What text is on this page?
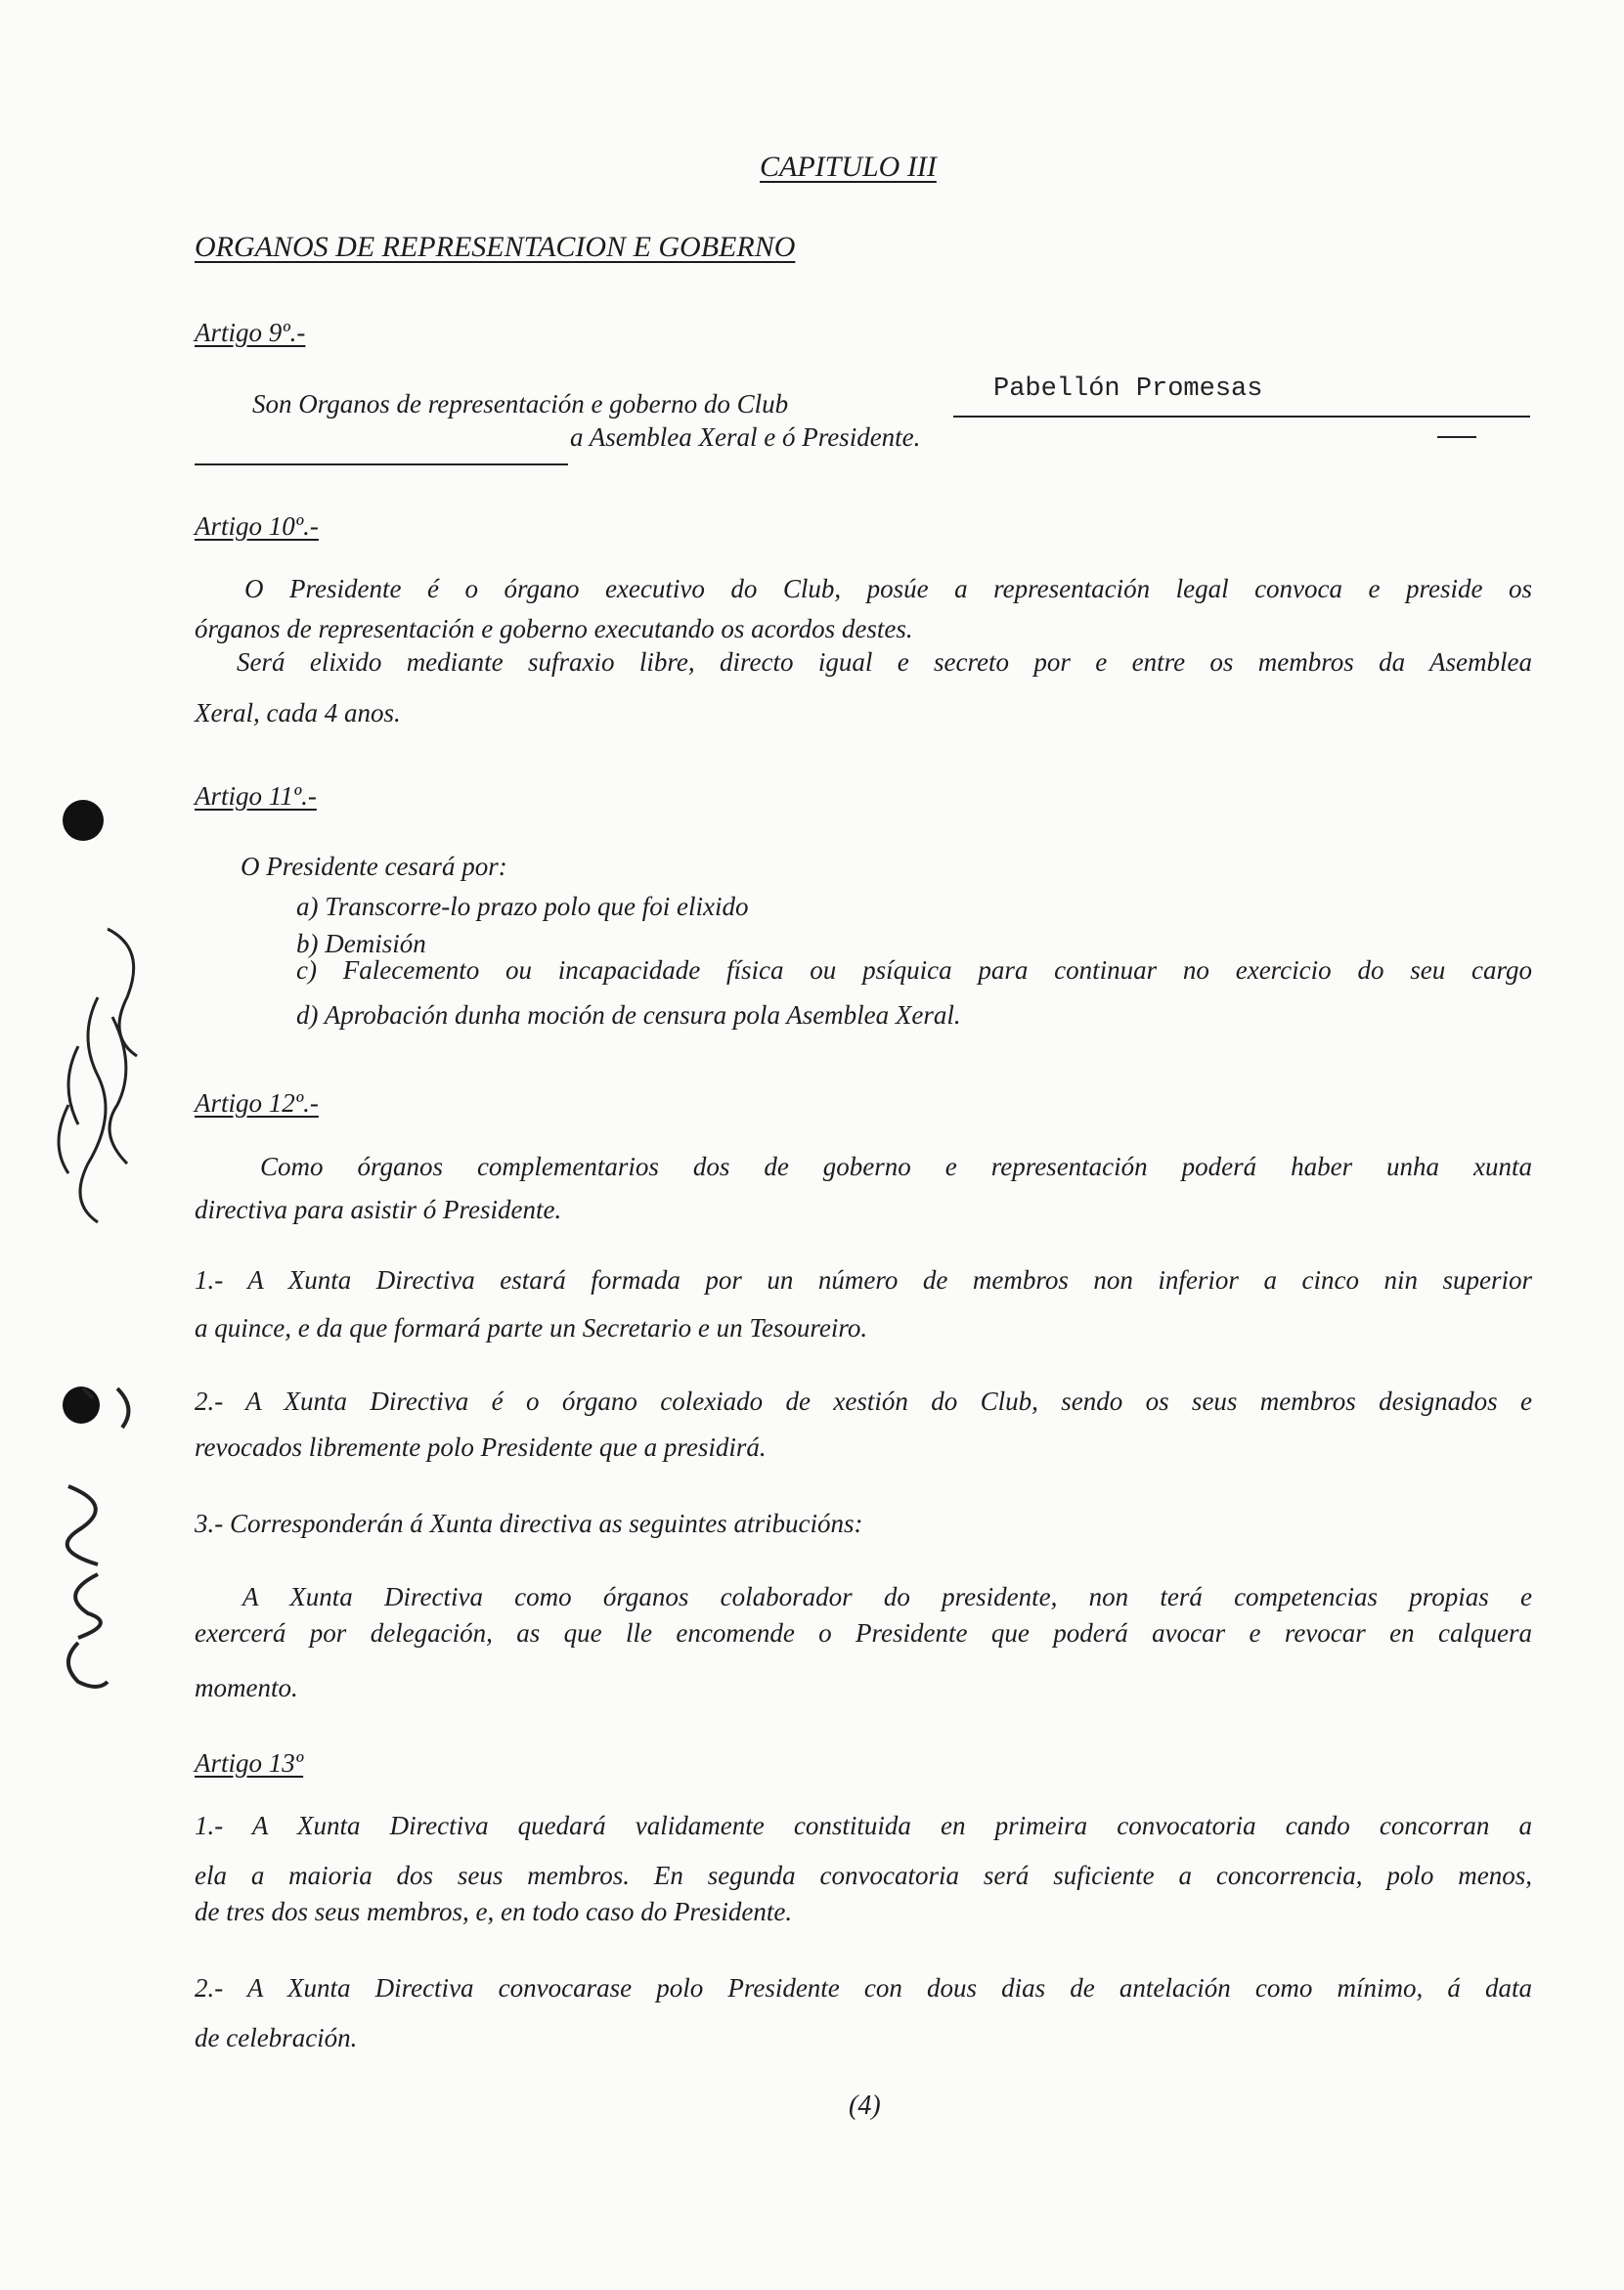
CAPITULO III
ORGANOS DE REPRESENTACION E GOBERNO
Artigo 9º.-
Son Organos de representación e goberno do Club	Pabellón Promesas
a Asemblea Xeral e ó Presidente.
Artigo 10º.-
O Presidente é o órgano executivo do Club, posúe a representación legal convoca e preside os
órganos de representación e goberno executando os acordos destes.
Será elixido mediante sufraxio libre, directo igual e secreto por e entre os membros da Asemblea
Xeral, cada 4 anos.
Artigo 11º.-
O Presidente cesará por:
a) Transcorre-lo prazo polo que foi elixido
b) Demisión
c) Falecemento ou incapacidade física ou psíquica para continuar no exercicio do seu cargo
d) Aprobación dunha moción de censura pola Asemblea Xeral.
Artigo 12º.-
Como órganos complementarios dos de goberno e representación poderá haber unha xunta
directiva para asistir ó Presidente.
1.- A Xunta Directiva estará formada por un número de membros non inferior a cinco nin superior
a quince, e da que formará parte un Secretario e un Tesoureiro.
2.- A Xunta Directiva é o órgano colexiado de xestión do Club, sendo os seus membros designados e
revocados libremente polo Presidente que a presidirá.
3.- Corresponderán á Xunta directiva as seguintes atribucións:
A Xunta Directiva como órganos colaborador do presidente, non terá competencias propias e
exercerá por delegación, as que lle encomende o Presidente que poderá avocar e revocar en calquera
momento.
Artigo 13º
1.- A Xunta Directiva quedará validamente constituida en primeira convocatoria cando concorran a
ela a maioria dos seus membros. En segunda convocatoria será suficiente a concorrencia, polo menos,
de tres dos seus membros, e, en todo caso do Presidente.
2.- A Xunta Directiva convocarase polo Presidente con dous dias de antelación como mínimo, á data
de celebración.
(4)
